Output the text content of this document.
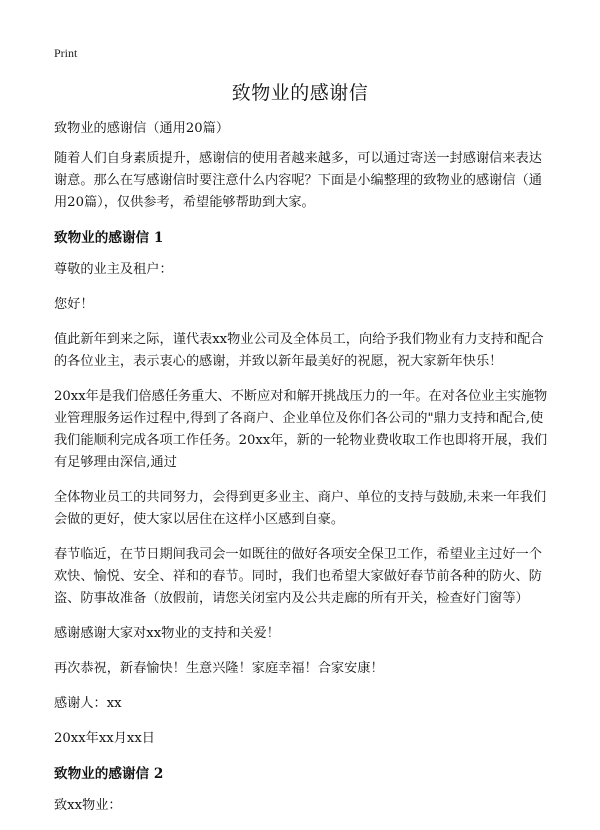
Print
致物业的感谢信

致物业的感谢信（通用20篇）

随着人们自身素质提升，感谢信的使用者越来越多，可以通过寄送一封感谢信来表达谢意。那么在写感谢信时要注意什么内容呢？下面是小编整理的致物业的感谢信（通用20篇），仅供参考，希望能够帮助到大家。

致物业的感谢信 1

尊敬的业主及租户：

您好！

值此新年到来之际，谨代表xx物业公司及全体员工，向给予我们物业有力支持和配合的各位业主，表示衷心的感谢，并致以新年最美好的祝愿，祝大家新年快乐！

20xx年是我们倍感任务重大、不断应对和解开挑战压力的一年。在对各位业主实施物业管理服务运作过程中,得到了各商户、企业单位及你们各公司的"鼎力支持和配合,使我们能顺利完成各项工作任务。20xx年，新的一轮物业费收取工作也即将开展，我们有足够理由深信,通过

全体物业员工的共同努力，会得到更多业主、商户、单位的支持与鼓励,未来一年我们会做的更好，使大家以居住在这样小区感到自豪。

春节临近，在节日期间我司会一如既往的做好各项安全保卫工作，希望业主过好一个欢快、愉悦、安全、祥和的春节。同时，我们也希望大家做好春节前各种的防火、防盗、防事故准备（放假前，请您关闭室内及公共走廊的所有开关，检查好门窗等）

感谢感谢大家对xx物业的支持和关爱！

再次恭祝，新春愉快！生意兴隆！家庭幸福！合家安康！

感谢人：xx

20xx年xx月xx日

致物业的感谢信 2

致xx物业：
